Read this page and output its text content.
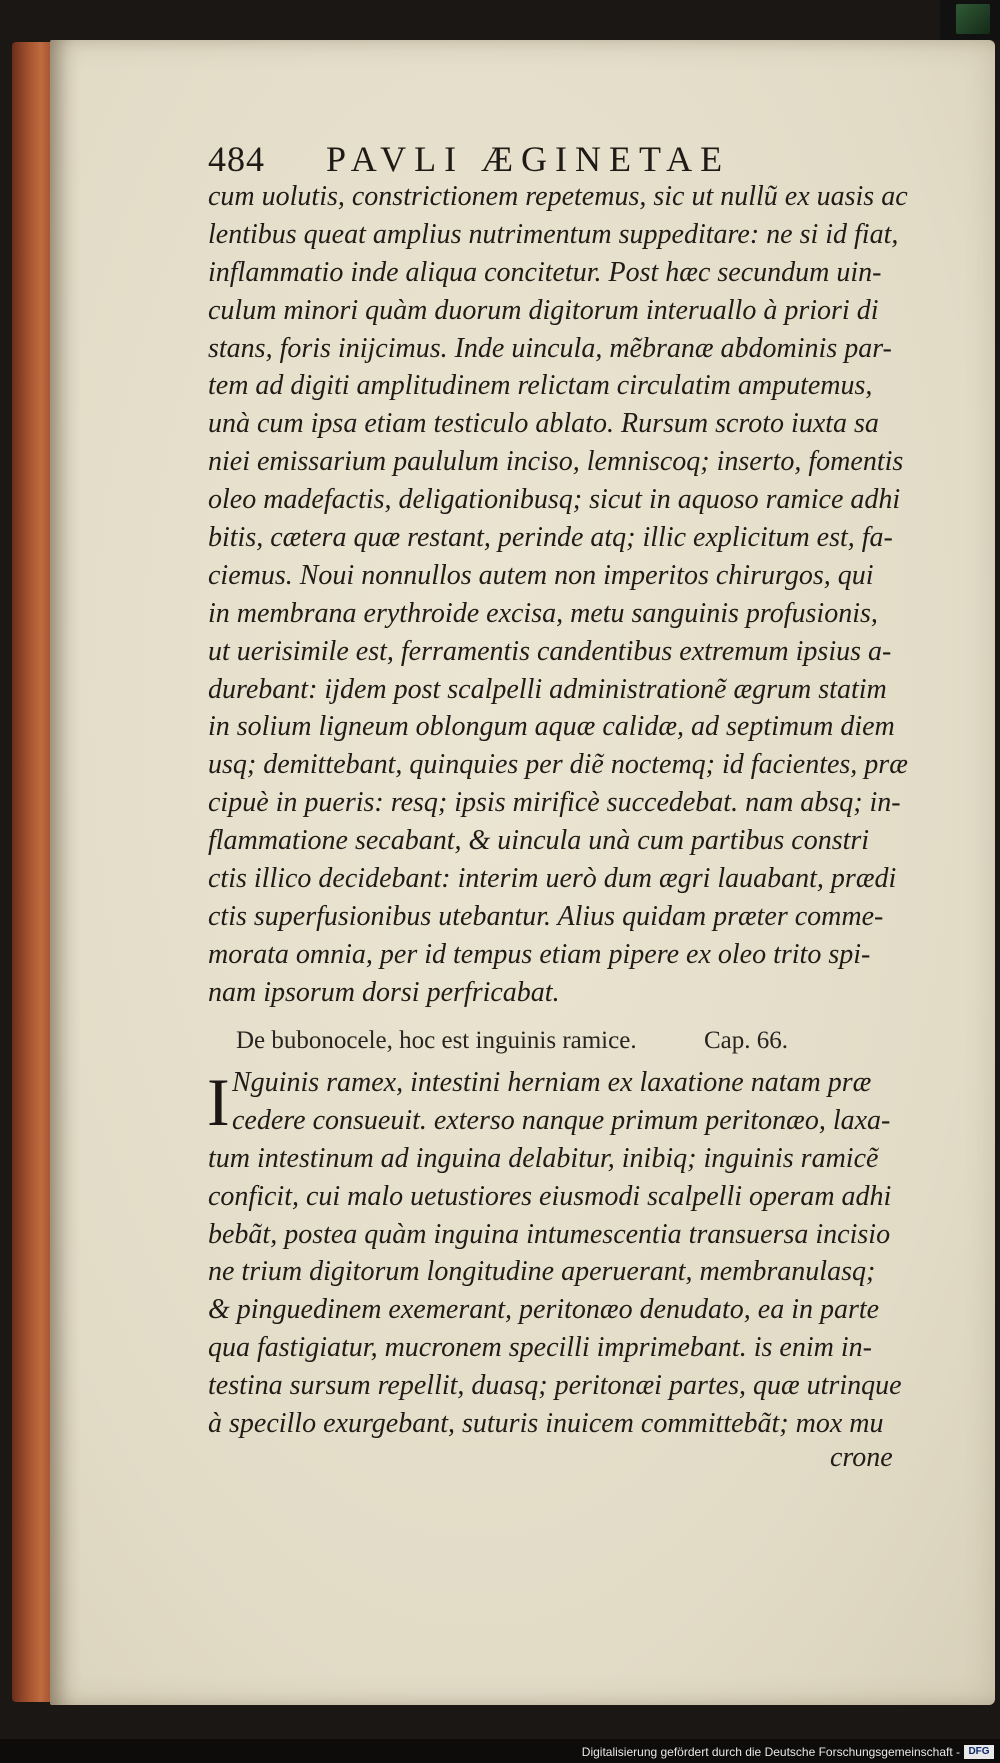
484 PAVLI ÆGINETAE
cum uolutis, constrictionem repetemus, sic ut nullũ ex uasis ac
lentibus queat amplius nutrimentum suppeditare: ne si id fiat,
inflammatio inde aliqua concitetur. Post hæc secundum uin-
culum minori quàm duorum digitorum interuallo à priori di
stans, foris inijcimus. Inde uincula, mẽbranæ abdominis par-
tem ad digiti amplitudinem relictam circulatim amputemus,
unà cum ipsa etiam testiculo ablato. Rursum scroto iuxta sa
niei emissarium paululum inciso, lemniscoq; inserto, fomentis
oleo madefactis, deligationibusq; sicut in aquoso ramice adhi
bitis, cætera quæ restant, perinde atq; illic explicitum est, fa-
ciemus. Noui nonnullos autem non imperitos chirurgos, qui
in membrana erythroide excisa, metu sanguinis profusionis,
ut uerisimile est, ferramentis candentibus extremum ipsius a-
durebant: ijdem post scalpelli administrationẽ ægrum statim
in solium ligneum oblongum aquæ calidæ, ad septimum diem
usq; demittebant, quinquies per diẽ noctemq; id facientes, præ
cipuè in pueris: resq; ipsis mirificè succedebat. nam absq; in-
flammatione secabant, & uincula unà cum partibus constri
ctis illico decidebant: interim uerò dum ægri lauabant, prædi
ctis superfusionibus utebantur. Alius quidam præter comme-
morata omnia, per id tempus etiam pipere ex oleo trito spi-
nam ipsorum dorsi perfricabat.
De bubonocele, hoc est inguinis ramice.	Cap. 66.
I Nguinis ramex, intestini herniam ex laxatione natam præ
cedere consueuit. exterso nanque primum peritonæo, laxa-
tum intestinum ad inguina delabitur, inibiq; inguinis ramicẽ
conficit, cui malo uetustiores eiusmodi scalpelli operam adhi
bebãt, postea quàm inguina intumescentia transuersa incisio
ne trium digitorum longitudine aperuerant, membranulasq;
& pinguedinem exemerant, peritonæo denudato, ea in parte
qua fastigiatur, mucronem specilli imprimebant. is enim in-
testina sursum repellit, duasq; peritonæi partes, quæ utrinque
à specillo exurgebant, suturis inuicem committebãt; mox mu
crone
Digitalisierung gefördert durch die Deutsche Forschungsgemeinschaft - DFG
